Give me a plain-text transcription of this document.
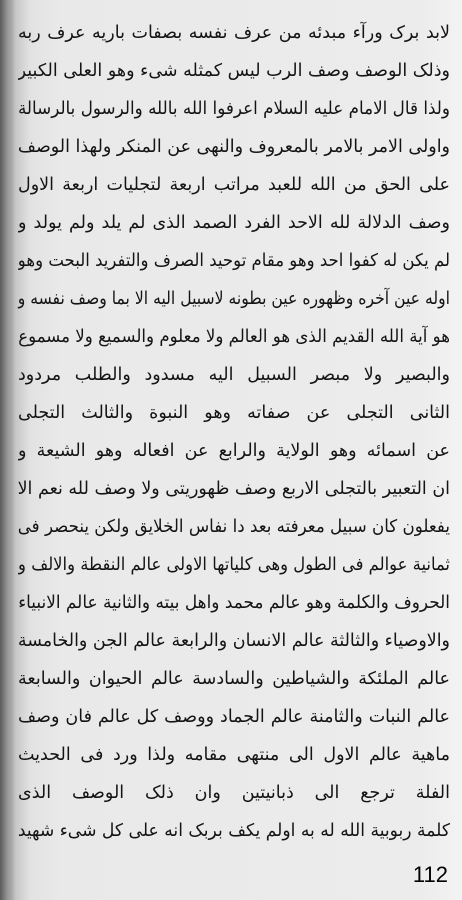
لابد برک ورآء مبدئه من عرف نفسه بصفات باریه عرف ربه
وذلک الوصف وصف الرب لیس کمثله شیء وهو العلی الکبیر
ولذا قال الامام علیه السلام اعرفوا الله بالله والرسول بالرسالة
واولی الامر بالامر بالمعروف والنهی عن المنکر ولهذا الوصف
علی الحق من الله للعبد مراتب اربعة لتجلیات اربعة الاول
وصف الدلالة لله الاحد الفرد الصمد الذی لم یلد ولم یولد و
لم یکن له کفوا احد وهو مقام توحید الصرف والتفرید البحت وهو
اوله عین آخره وظهوره عین بطونه لاسبیل الیه الا بما وصف نفسه و
هو آیة الله القدیم الذی هو العالم ولا معلوم والسمیع ولا مسموع
والبصیر ولا مبصر السبیل الیه مسدود والطلب مردود
الثانی التجلی عن صفاته وهو النبوة والثالث التجلی
عن اسمائه وهو الولایة والرابع عن افعاله وهو الشیعة و
ان التعبیر بالتجلی الاربع وصف ظهوریتی ولا وصف لله نعم الا
یفعلون کان سبیل معرفته بعد دا نفاس الخلایق ولکن ینحصر فی
ثمانیة عوالم فی الطول وهی کلیاتها الاولی عالم النقطة والالف و
الحروف والکلمة وهو عالم محمد واهل بیته والثانیة عالم الانبیاء
والاوصیاء والثالثة عالم الانسان والرابعة عالم الجن والخامسة
عالم الملئکة والشیاطین والسادسة عالم الحیوان والسابعة
عالم النبات والثامنة عالم الجماد ووصف کل عالم فان وصف
ماهیة عالم الاول الی منتهی مقامه ولذا ورد فی الحدیث
الفلة ترجع الی ذبانیتین وان ذلک الوصف الذی
کلمة ربوبیة الله له به اولم یکف بربک انه علی کل شیء شهید
112
